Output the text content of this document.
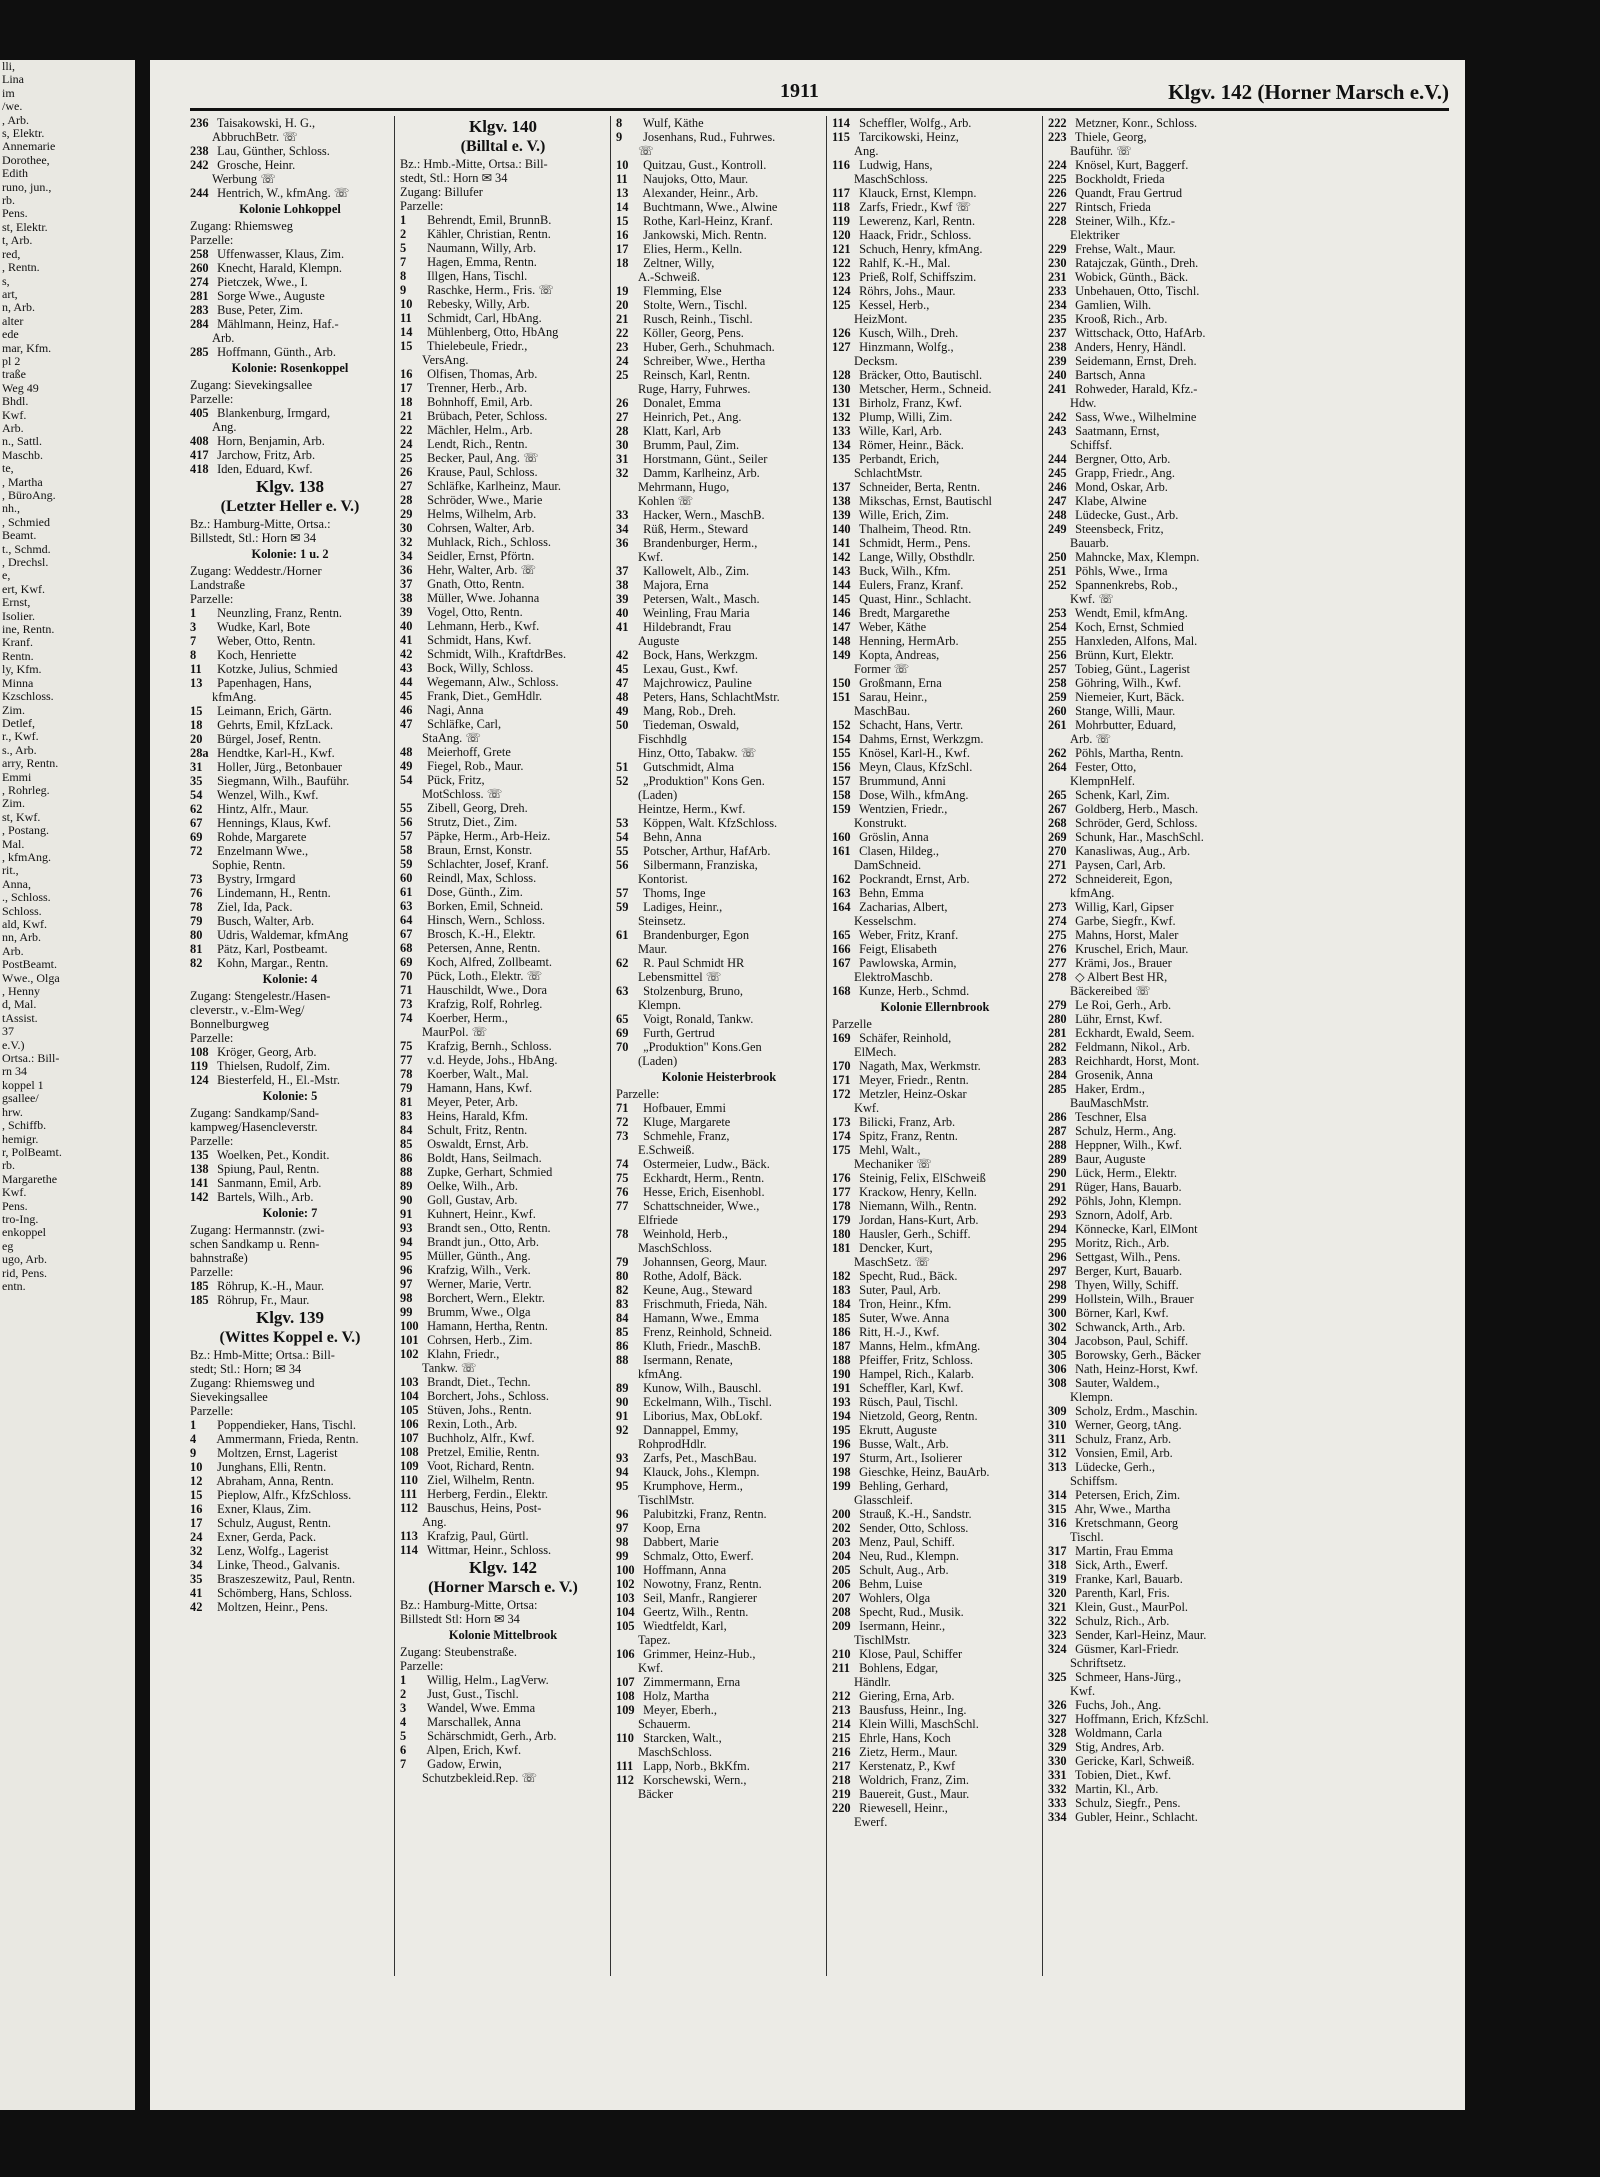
lli,
Lina
im
/we.
, Arb.
s, Elektr.
Annemarie
Dorothee,
Edith
runo, jun.,
rb.
Pens.
st, Elektr.
t, Arb.
red,
, Rentn.
s,
art,
n, Arb.
alter
ede
mar, Kfm.
pl 2
traße
Weg 49
Bhdl.
Kwf.
Arb.
n., Sattl.
Maschb.
te,
, Martha
, BüroAng.
nh.,
, Schmied
Beamt.
t., Schmd.
, Drechsl.
e,
ert, Kwf.
Ernst,
Isolier.
ine, Rentn.
Kranf.
Rentn.
ly, Kfm.
Minna
Kzschloss.
Zim.
Detlef,
r., Kwf.
s., Arb.
arry, Rentn.
Emmi
, Rohrleg.
Zim.
st, Kwf.
, Postang.
Mal.
, kfmAng.
rit.,
Anna,
., Schloss.
Schloss.
ald, Kwf.
nn, Arb.
Arb.
PostBeamt.
Wwe., Olga
, Henny
d, Mal.
tAssist.
37
e.V.)
Ortsa.: Bill-
rn 34
koppel 1
gsallee/
hrw.
, Schiffb.
hemigr.
r, PolBeamt.
rb.
Margarethe
Kwf.
Pens.
tro-Ing.
enkoppel
eg
ugo, Arb.
rid, Pens.
entn.
1911	Klgv. 142 (Horner Marsch e.V.)
236 Taisakowski, H. G.,
AbbruchBetr. ☏
238 Lau, Günther, Schloss.
242 Grosche, Heinr.
Werbung ☏
244 Hentrich, W., kfmAng. ☏
Kolonie Lohkoppel
Zugang: Rhiemsweg
Parzelle:
258 Uffenwasser, Klaus, Zim.
260 Knecht, Harald, Klempn.
274 Pietczek, Wwe., I.
281 Sorge Wwe., Auguste
283 Buse, Peter, Zim.
284 Mählmann, Heinz, Haf.-
Arb.
285 Hoffmann, Günth., Arb.
Kolonie: Rosenkoppel
Zugang: Sievekingsallee
Parzelle:
405 Blankenburg, Irmgard,
Ang.
408 Horn, Benjamin, Arb.
417 Jarchow, Fritz, Arb.
418 Iden, Eduard, Kwf.
Klgv. 138
(Letzter Heller e. V.)
Bz.: Hamburg-Mitte, Ortsa.:
Billstedt, Stl.: Horn ✉ 34
Kolonie: 1 u. 2
Zugang: Weddestr./Horner
Landstraße
Parzelle:
1 Neunzling, Franz, Rentn.
3 Wudke, Karl, Bote
7 Weber, Otto, Rentn.
8 Koch, Henriette
11 Kotzke, Julius, Schmied
13 Papenhagen, Hans,
kfmAng.
15 Leimann, Erich, Gärtn.
18 Gehrts, Emil, KfzLack.
20 Bürgel, Josef, Rentn.
28a Hendtke, Karl-H., Kwf.
31 Holler, Jürg., Betonbauer
35 Siegmann, Wilh., Bauführ.
54 Wenzel, Wilh., Kwf.
62 Hintz, Alfr., Maur.
67 Hennings, Klaus, Kwf.
69 Rohde, Margarete
72 Enzelmann Wwe.,
Sophie, Rentn.
73 Bystry, Irmgard
76 Lindemann, H., Rentn.
78 Ziel, Ida, Pack.
79 Busch, Walter, Arb.
80 Udris, Waldemar, kfmAng
81 Pätz, Karl, Postbeamt.
82 Kohn, Margar., Rentn.
Kolonie: 4
Zugang: Stengelestr./Hasen-
cleverstr., v.-Elm-Weg/
Bonnelburgweg
Parzelle:
108 Kröger, Georg, Arb.
119 Thielsen, Rudolf, Zim.
124 Biesterfeld, H., El.-Mstr.
Kolonie: 5
Zugang: Sandkamp/Sand-
kampweg/Hasencleverstr.
Parzelle:
135 Woelken, Pet., Kondit.
138 Spiung, Paul, Rentn.
141 Sanmann, Emil, Arb.
142 Bartels, Wilh., Arb.
Kolonie: 7
Zugang: Hermannstr. (zwi-
schen Sandkamp u. Renn-
bahnstraße)
Parzelle:
185 Röhrup, K.-H., Maur.
185 Röhrup, Fr., Maur.
Klgv. 139
(Wittes Koppel e. V.)
Bz.: Hmb-Mitte; Ortsa.: Bill-
stedt; Stl.: Horn; ✉ 34
Zugang: Rhiemsweg und
Sievekingsallee
Parzelle:
1 Poppendieker, Hans, Tischl.
4 Ammermann, Frieda, Rentn.
9 Moltzen, Ernst, Lagerist
10 Junghans, Elli, Rentn.
12 Abraham, Anna, Rentn.
15 Pieplow, Alfr., KfzSchloss.
16 Exner, Klaus, Zim.
17 Schulz, August, Rentn.
24 Exner, Gerda, Pack.
32 Lenz, Wolfg., Lagerist
34 Linke, Theod., Galvanis.
35 Braszeszewitz, Paul, Rentn.
41 Schömberg, Hans, Schloss.
42 Moltzen, Heinr., Pens.
Klgv. 140
(Billtal e. V.)
Bz.: Hmb.-Mitte, Ortsa.: Bill-
stedt, Stl.: Horn ✉ 34
Zugang: Billufer
Parzelle:
1 Behrendt, Emil, BrunnB.
2 Kähler, Christian, Rentn.
5 Naumann, Willy, Arb.
7 Hagen, Emma, Rentn.
8 Illgen, Hans, Tischl.
9 Raschke, Herm., Fris. ☏
10 Rebesky, Willy, Arb.
11 Schmidt, Carl, HbAng.
14 Mühlenberg, Otto, HbAng
15 Thielebeule, Friedr.,
VersAng.
16 Olfisen, Thomas, Arb.
17 Trenner, Herb., Arb.
18 Bohnhoff, Emil, Arb.
21 Brübach, Peter, Schloss.
22 Mächler, Helm., Arb.
24 Lendt, Rich., Rentn.
25 Becker, Paul, Ang. ☏
26 Krause, Paul, Schloss.
27 Schläfke, Karlheinz, Maur.
28 Schröder, Wwe., Marie
29 Helms, Wilhelm, Arb.
30 Cohrsen, Walter, Arb.
32 Muhlack, Rich., Schloss.
34 Seidler, Ernst, Pförtn.
36 Hehr, Walter, Arb. ☏
37 Gnath, Otto, Rentn.
38 Müller, Wwe. Johanna
39 Vogel, Otto, Rentn.
40 Lehmann, Herb., Kwf.
41 Schmidt, Hans, Kwf.
42 Schmidt, Wilh., KraftdrBes.
43 Bock, Willy, Schloss.
44 Wegemann, Alw., Schloss.
45 Frank, Diet., GemHdlr.
46 Nagi, Anna
47 Schläfke, Carl,
StaAng. ☏
48 Meierhoff, Grete
49 Fiegel, Rob., Maur.
54 Pück, Fritz,
MotSchloss. ☏
55 Zibell, Georg, Dreh.
56 Strutz, Diet., Zim.
57 Päpke, Herm., Arb-Heiz.
58 Braun, Ernst, Konstr.
59 Schlachter, Josef, Kranf.
60 Reindl, Max, Schloss.
61 Dose, Günth., Zim.
63 Borken, Emil, Schneid.
64 Hinsch, Wern., Schloss.
67 Brosch, K.-H., Elektr.
68 Petersen, Anne, Rentn.
69 Koch, Alfred, Zollbeamt.
70 Pück, Loth., Elektr. ☏
71 Hauschildt, Wwe., Dora
73 Krafzig, Rolf, Rohrleg.
74 Koerber, Herm.,
MaurPol. ☏
75 Krafzig, Bernh., Schloss.
77 v.d. Heyde, Johs., HbAng.
78 Koerber, Walt., Mal.
79 Hamann, Hans, Kwf.
81 Meyer, Peter, Arb.
83 Heins, Harald, Kfm.
84 Schult, Fritz, Rentn.
85 Oswaldt, Ernst, Arb.
86 Boldt, Hans, Seilmach.
88 Zupke, Gerhart, Schmied
89 Oelke, Wilh., Arb.
90 Goll, Gustav, Arb.
91 Kuhnert, Heinr., Kwf.
93 Brandt sen., Otto, Rentn.
94 Brandt jun., Otto, Arb.
95 Müller, Günth., Ang.
96 Krafzig, Wilh., Verk.
97 Werner, Marie, Vertr.
98 Borchert, Wern., Elektr.
99 Brumm, Wwe., Olga
100 Hamann, Hertha, Rentn.
101 Cohrsen, Herb., Zim.
102 Klahn, Friedr.,
Tankw. ☏
103 Brandt, Diet., Techn.
104 Borchert, Johs., Schloss.
105 Stüven, Johs., Rentn.
106 Rexin, Loth., Arb.
107 Buchholz, Alfr., Kwf.
108 Pretzel, Emilie, Rentn.
109 Voot, Richard, Rentn.
110 Ziel, Wilhelm, Rentn.
111 Herberg, Ferdin., Elektr.
112 Bauschus, Heins, Post-
Ang.
113 Krafzig, Paul, Gürtl.
114 Wittmar, Heinr., Schloss.
Klgv. 142
(Horner Marsch e. V.)
Bz.: Hamburg-Mitte, Ortsa:
Billstedt Stl: Horn ✉ 34
Kolonie Mittelbrook
Zugang: Steubenstraße.
Parzelle:
1 Willig, Helm., LagVerw.
2 Just, Gust., Tischl.
3 Wandel, Wwe. Emma
4 Marschallek, Anna
5 Schärschmidt, Gerh., Arb.
6 Alpen, Erich, Kwf.
7 Gadow, Erwin,
Schutzbekleid.Rep. ☏
8 Wulf, Käthe
9 Josenhans, Rud., Fuhrwes.
☏
10 Quitzau, Gust., Kontroll.
11 Naujoks, Otto, Maur.
13 Alexander, Heinr., Arb.
14 Buchtmann, Wwe., Alwine
15 Rothe, Karl-Heinz, Kranf.
16 Jankowski, Mich. Rentn.
17 Elies, Herm., Kelln.
18 Zeltner, Willy,
A.-Schweiß.
19 Flemming, Else
20 Stolte, Wern., Tischl.
21 Rusch, Reinh., Tischl.
22 Köller, Georg, Pens.
23 Huber, Gerh., Schuhmach.
24 Schreiber, Wwe., Hertha
25 Reinsch, Karl, Rentn.
Ruge, Harry, Fuhrwes.
26 Donalet, Emma
27 Heinrich, Pet., Ang.
28 Klatt, Karl, Arb
30 Brumm, Paul, Zim.
31 Horstmann, Günt., Seiler
32 Damm, Karlheinz, Arb.
Mehrmann, Hugo,
Kohlen ☏
33 Hacker, Wern., MaschB.
34 Rüß, Herm., Steward
36 Brandenburger, Herm.,
Kwf.
37 Kallowelt, Alb., Zim.
38 Majora, Erna
39 Petersen, Walt., Masch.
40 Weinling, Frau Maria
41 Hildebrandt, Frau
Auguste
42 Bock, Hans, Werkzgm.
45 Lexau, Gust., Kwf.
47 Majchrowicz, Pauline
48 Peters, Hans, SchlachtMstr.
49 Mang, Rob., Dreh.
50 Tiedeman, Oswald,
Fischhdlg
Hinz, Otto, Tabakw. ☏
51 Gutschmidt, Alma
52 „Produktion" Kons Gen.
(Laden)
Heintze, Herm., Kwf.
53 Köppen, Walt. KfzSchloss.
54 Behn, Anna
55 Potscher, Arthur, HafArb.
56 Silbermann, Franziska,
Kontorist.
57 Thoms, Inge
59 Ladiges, Heinr.,
Steinsetz.
61 Brandenburger, Egon
Maur.
62 R. Paul Schmidt HR
Lebensmittel ☏
63 Stolzenburg, Bruno,
Klempn.
65 Voigt, Ronald, Tankw.
69 Furth, Gertrud
70 „Produktion" Kons.Gen
(Laden)
Kolonie Heisterbrook
Parzelle:
71 Hofbauer, Emmi
72 Kluge, Margarete
73 Schmehle, Franz,
E.Schweiß.
74 Ostermeier, Ludw., Bäck.
75 Eckhardt, Herm., Rentn.
76 Hesse, Erich, Eisenhobl.
77 Schattschneider, Wwe.,
Elfriede
78 Weinhold, Herb.,
MaschSchloss.
79 Johannsen, Georg, Maur.
80 Rothe, Adolf, Bäck.
82 Keune, Aug., Steward
83 Frischmuth, Frieda, Näh.
84 Hamann, Wwe., Emma
85 Frenz, Reinhold, Schneid.
86 Kluth, Friedr., MaschB.
88 Isermann, Renate,
kfmAng.
89 Kunow, Wilh., Bauschl.
90 Eckelmann, Wilh., Tischl.
91 Liborius, Max, ObLokf.
92 Dannappel, Emmy,
RohprodHdlr.
93 Zarfs, Pet., MaschBau.
94 Klauck, Johs., Klempn.
95 Krumphove, Herm.,
TischlMstr.
96 Palubitzki, Franz, Rentn.
97 Koop, Erna
98 Dabbert, Marie
99 Schmalz, Otto, Ewerf.
100 Hoffmann, Anna
102 Nowotny, Franz, Rentn.
103 Seil, Manfr., Rangierer
104 Geertz, Wilh., Rentn.
105 Wiedtfeldt, Karl,
Tapez.
106 Grimmer, Heinz-Hub.,
Kwf.
107 Zimmermann, Erna
108 Holz, Martha
109 Meyer, Eberh.,
Schauerm.
110 Starcken, Walt.,
MaschSchloss.
111 Lapp, Norb., BkKfm.
112 Korschewski, Wern.,
Bäcker
114 Scheffler, Wolfg., Arb.
115 Tarcikowski, Heinz,
Ang.
116 Ludwig, Hans,
MaschSchloss.
117 Klauck, Ernst, Klempn.
118 Zarfs, Friedr., Kwf ☏
119 Lewerenz, Karl, Rentn.
120 Haack, Fridr., Schloss.
121 Schuch, Henry, kfmAng.
122 Rahlf, K.-H., Mal.
123 Prieß, Rolf, Schiffszim.
124 Röhrs, Johs., Maur.
125 Kessel, Herb.,
HeizMont.
126 Kusch, Wilh., Dreh.
127 Hinzmann, Wolfg.,
Decksm.
128 Bräcker, Otto, Bautischl.
130 Metscher, Herm., Schneid.
131 Birholz, Franz, Kwf.
132 Plump, Willi, Zim.
133 Wille, Karl, Arb.
134 Römer, Heinr., Bäck.
135 Perbandt, Erich,
SchlachtMstr.
137 Schneider, Berta, Rentn.
138 Mikschas, Ernst, Bautischl
139 Wille, Erich, Zim.
140 Thalheim, Theod. Rtn.
141 Schmidt, Herm., Pens.
142 Lange, Willy, Obsthdlr.
143 Buck, Wilh., Kfm.
144 Eulers, Franz, Kranf.
145 Quast, Hinr., Schlacht.
146 Bredt, Margarethe
147 Weber, Käthe
148 Henning, HermArb.
149 Kopta, Andreas,
Former ☏
150 Großmann, Erna
151 Sarau, Heinr.,
MaschBau.
152 Schacht, Hans, Vertr.
154 Dahms, Ernst, Werkzgm.
155 Knösel, Karl-H., Kwf.
156 Meyn, Claus, KfzSchl.
157 Brummund, Anni
158 Dose, Wilh., kfmAng.
159 Wentzien, Friedr.,
Konstrukt.
160 Gröslin, Anna
161 Clasen, Hildeg.,
DamSchneid.
162 Pockrandt, Ernst, Arb.
163 Behn, Emma
164 Zacharias, Albert,
Kesselschm.
165 Weber, Fritz, Kranf.
166 Feigt, Elisabeth
167 Pawlowska, Armin,
ElektroMaschb.
168 Kunze, Herb., Schmd.
Kolonie Ellernbrook
Parzelle
169 Schäfer, Reinhold,
ElMech.
170 Nagath, Max, Werkmstr.
171 Meyer, Friedr., Rentn.
172 Metzler, Heinz-Oskar
Kwf.
173 Bilicki, Franz, Arb.
174 Spitz, Franz, Rentn.
175 Mehl, Walt.,
Mechaniker ☏
176 Steinig, Felix, ElSchweiß
177 Krackow, Henry, Kelln.
178 Niemann, Wilh., Rentn.
179 Jordan, Hans-Kurt, Arb.
180 Hausler, Gerh., Schiff.
181 Dencker, Kurt,
MaschSetz. ☏
182 Specht, Rud., Bäck.
183 Suter, Paul, Arb.
184 Tron, Heinr., Kfm.
185 Suter, Wwe. Anna
186 Ritt, H.-J., Kwf.
187 Manns, Helm., kfmAng.
188 Pfeiffer, Fritz, Schloss.
190 Hampel, Rich., Kalarb.
191 Scheffler, Karl, Kwf.
193 Rüsch, Paul, Tischl.
194 Nietzold, Georg, Rentn.
195 Ekrutt, Auguste
196 Busse, Walt., Arb.
197 Sturm, Art., Isolierer
198 Gieschke, Heinz, BauArb.
199 Behling, Gerhard,
Glasschleif.
200 Strauß, K.-H., Sandstr.
202 Sender, Otto, Schloss.
203 Menz, Paul, Schiff.
204 Neu, Rud., Klempn.
205 Schult, Aug., Arb.
206 Behm, Luise
207 Wohlers, Olga
208 Specht, Rud., Musik.
209 Isermann, Heinr.,
TischlMstr.
210 Klose, Paul, Schiffer
211 Bohlens, Edgar,
Händlr.
212 Giering, Erna, Arb.
213 Bausfuss, Heinr., Ing.
214 Klein Willi, MaschSchl.
215 Ehrle, Hans, Koch
216 Zietz, Herm., Maur.
217 Kerstenatz, P., Kwf
218 Woldrich, Franz, Zim.
219 Bauereit, Gust., Maur.
220 Riewesell, Heinr.,
Ewerf.
222 Metzner, Konr., Schloss.
223 Thiele, Georg,
Bauführ. ☏
224 Knösel, Kurt, Baggerf.
225 Bockholdt, Frieda
226 Quandt, Frau Gertrud
227 Rintsch, Frieda
228 Steiner, Wilh., Kfz.-
Elektriker
229 Frehse, Walt., Maur.
230 Ratajczak, Günth., Dreh.
231 Wobick, Günth., Bäck.
233 Unbehauen, Otto, Tischl.
234 Gamlien, Wilh.
235 Krooß, Rich., Arb.
237 Wittschack, Otto, HafArb.
238 Anders, Henry, Händl.
239 Seidemann, Ernst, Dreh.
240 Bartsch, Anna
241 Rohweder, Harald, Kfz.-
Hdw.
242 Sass, Wwe., Wilhelmine
243 Saatmann, Ernst,
Schiffsf.
244 Bergner, Otto, Arb.
245 Grapp, Friedr., Ang.
246 Mond, Oskar, Arb.
247 Klabe, Alwine
248 Lüdecke, Gust., Arb.
249 Steensbeck, Fritz,
Bauarb.
250 Mahncke, Max, Klempn.
251 Pöhls, Wwe., Irma
252 Spannenkrebs, Rob.,
Kwf. ☏
253 Wendt, Emil, kfmAng.
254 Koch, Ernst, Schmied
255 Hanxleden, Alfons, Mal.
256 Brünn, Kurt, Elektr.
257 Tobieg, Günt., Lagerist
258 Göhring, Wilh., Kwf.
259 Niemeier, Kurt, Bäck.
260 Stange, Willi, Maur.
261 Mohrbutter, Eduard,
Arb. ☏
262 Pöhls, Martha, Rentn.
264 Fester, Otto,
KlempnHelf.
265 Schenk, Karl, Zim.
267 Goldberg, Herb., Masch.
268 Schröder, Gerd, Schloss.
269 Schunk, Har., MaschSchl.
270 Kanasliwas, Aug., Arb.
271 Paysen, Carl, Arb.
272 Schneidereit, Egon,
kfmAng.
273 Willig, Karl, Gipser
274 Garbe, Siegfr., Kwf.
275 Mahns, Horst, Maler
276 Kruschel, Erich, Maur.
277 Krämi, Jos., Brauer
278 ◇ Albert Best HR,
Bäckereibed ☏
279 Le Roi, Gerh., Arb.
280 Lühr, Ernst, Kwf.
281 Eckhardt, Ewald, Seem.
282 Feldmann, Nikol., Arb.
283 Reichhardt, Horst, Mont.
284 Grosenik, Anna
285 Haker, Erdm.,
BauMaschMstr.
286 Teschner, Elsa
287 Schulz, Herm., Ang.
288 Heppner, Wilh., Kwf.
289 Baur, Auguste
290 Lück, Herm., Elektr.
291 Rüger, Hans, Bauarb.
292 Pöhls, John, Klempn.
293 Sznorn, Adolf, Arb.
294 Könnecke, Karl, ElMont
295 Moritz, Rich., Arb.
296 Settgast, Wilh., Pens.
297 Berger, Kurt, Bauarb.
298 Thyen, Willy, Schiff.
299 Hollstein, Wilh., Brauer
300 Börner, Karl, Kwf.
302 Schwanck, Arth., Arb.
304 Jacobson, Paul, Schiff.
305 Borowsky, Gerh., Bäcker
306 Nath, Heinz-Horst, Kwf.
308 Sauter, Waldem.,
Klempn.
309 Scholz, Erdm., Maschin.
310 Werner, Georg, tAng.
311 Schulz, Franz, Arb.
312 Vonsien, Emil, Arb.
313 Lüdecke, Gerh.,
Schiffsm.
314 Petersen, Erich, Zim.
315 Ahr, Wwe., Martha
316 Kretschmann, Georg
Tischl.
317 Martin, Frau Emma
318 Sick, Arth., Ewerf.
319 Franke, Karl, Bauarb.
320 Parenth, Karl, Fris.
321 Klein, Gust., MaurPol.
322 Schulz, Rich., Arb.
323 Sender, Karl-Heinz, Maur.
324 Güsmer, Karl-Friedr.
Schriftsetz.
325 Schmeer, Hans-Jürg.,
Kwf.
326 Fuchs, Joh., Ang.
327 Hoffmann, Erich, KfzSchl.
328 Woldmann, Carla
329 Stig, Andres, Arb.
330 Gericke, Karl, Schweiß.
331 Tobien, Diet., Kwf.
332 Martin, Kl., Arb.
333 Schulz, Siegfr., Pens.
334 Gubler, Heinr., Schlacht.
